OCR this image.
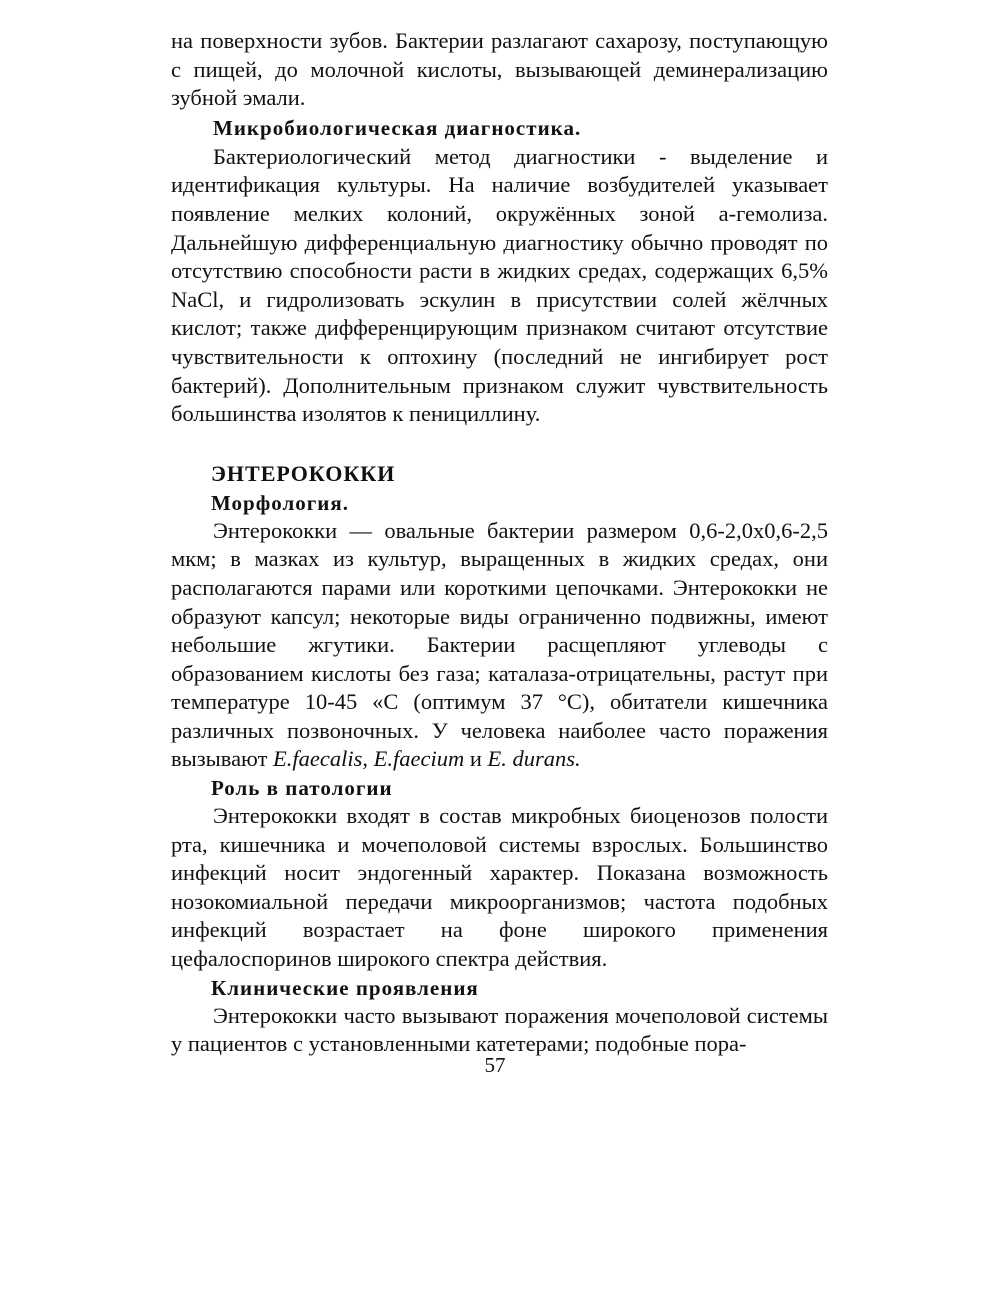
на поверхности зубов. Бактерии разлагают сахарозу, поступающую с пищей, до молочной кислоты, вызывающей деминерализацию зубной эмали.

Микробиологическая диагностика.

Бактериологический метод диагностики - выделение и идентификация культуры. На наличие возбудителей указывает появление мелких колоний, окружённых зоной а-гемолиза. Дальнейшую дифференциальную диагностику обычно проводят по отсутствию способности расти в жидких средах, содержащих 6,5% NaCl, и гидролизовать эскулин в присутствии солей жёлчных кислот; также дифференцирующим признаком считают отсутствие чувствительности к оптохину (последний не ингибирует рост бактерий). Дополнительным признаком служит чувствительность большинства изолятов к пенициллину.

ЭНТЕРОКОККИ
Морфология.

Энтерококки — овальные бактерии размером 0,6-2,0x0,6-2,5 мкм; в мазках из культур, выращенных в жидких средах, они располагаются парами или короткими цепочками. Энтерококки не образуют капсул; некоторые виды ограниченно подвижны, имеют небольшие жгутики. Бактерии расщепляют углеводы с образованием кислоты без газа; каталаза-отрицательны, растут при температуре 10-45 «С (оптимум 37 °С), обитатели кишечника различных позвоночных. У человека наиболее часто поражения вызывают E.faecalis, E.faecium и E. durans.

Роль в патологии

Энтерококки входят в состав микробных биоценозов полости рта, кишечника и мочеполовой системы взрослых. Большинство инфекций носит эндогенный характер. Показана возможность нозокомиальной передачи микроорганизмов; частота подобных инфекций возрастает на фоне широкого применения цефалоспоринов широкого спектра действия.

Клинические проявления

Энтерококки часто вызывают поражения мочеполовой системы у пациентов с установленными катетерами; подобные пора-

57
